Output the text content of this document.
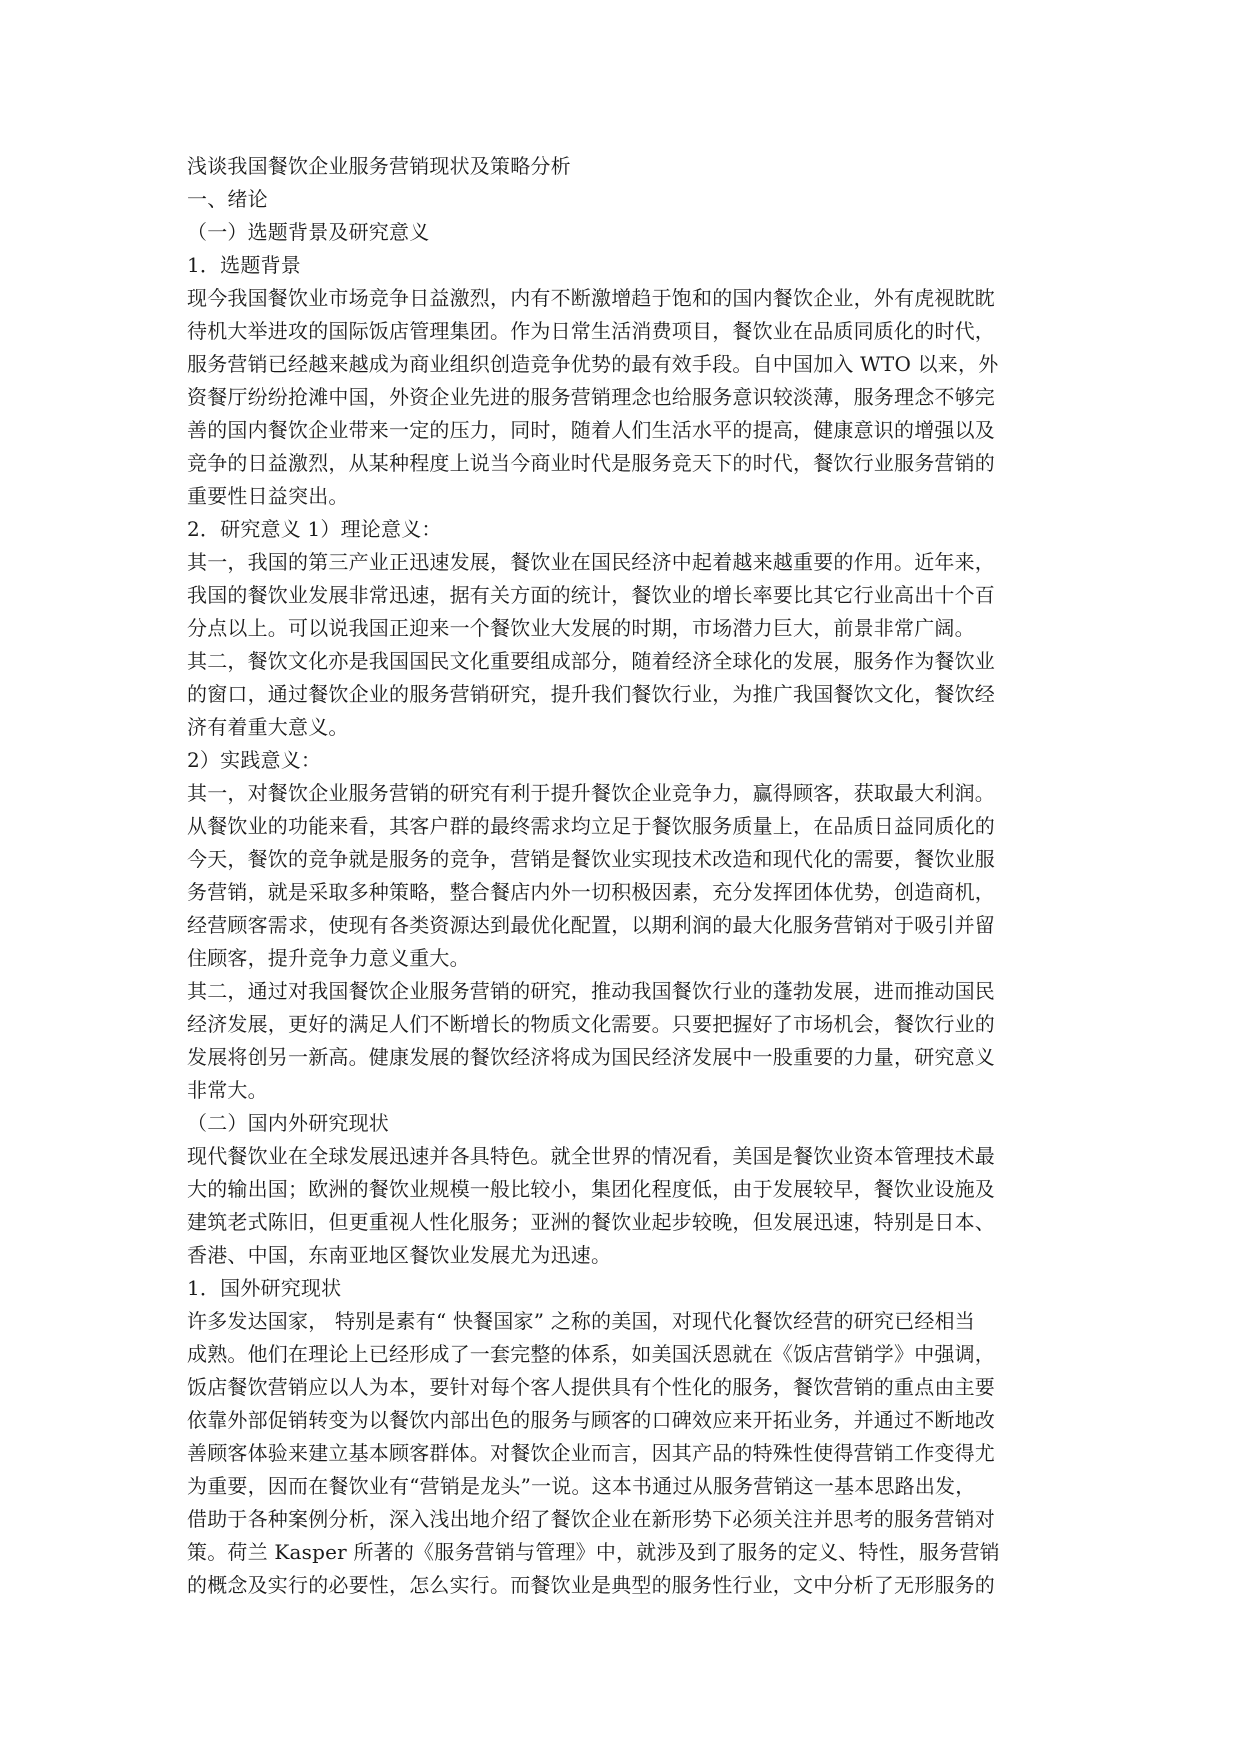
浅谈我国餐饮企业服务营销现状及策略分析
一、绪论
（一）选题背景及研究意义
1．选题背景
现今我国餐饮业市场竞争日益激烈，内有不断激增趋于饱和的国内餐饮企业，外有虎视眈眈
待机大举进攻的国际饭店管理集团。作为日常生活消费项目，餐饮业在品质同质化的时代，
服务营销已经越来越成为商业组织创造竞争优势的最有效手段。自中国加入 WTO 以来，外
资餐厅纷纷抢滩中国，外资企业先进的服务营销理念也给服务意识较淡薄，服务理念不够完
善的国内餐饮企业带来一定的压力，同时，随着人们生活水平的提高，健康意识的增强以及
竞争的日益激烈，从某种程度上说当今商业时代是服务竞天下的时代，餐饮行业服务营销的
重要性日益突出。
2．研究意义 1）理论意义：
其一，我国的第三产业正迅速发展，餐饮业在国民经济中起着越来越重要的作用。近年来，
我国的餐饮业发展非常迅速，据有关方面的统计，餐饮业的增长率要比其它行业高出十个百
分点以上。可以说我国正迎来一个餐饮业大发展的时期，市场潜力巨大，前景非常广阔。
其二，餐饮文化亦是我国国民文化重要组成部分，随着经济全球化的发展，服务作为餐饮业
的窗口，通过餐饮企业的服务营销研究，提升我们餐饮行业，为推广我国餐饮文化，餐饮经
济有着重大意义。
2）实践意义：
其一，对餐饮企业服务营销的研究有利于提升餐饮企业竞争力，赢得顾客，获取最大利润。
从餐饮业的功能来看，其客户群的最终需求均立足于餐饮服务质量上，在品质日益同质化的
今天，餐饮的竞争就是服务的竞争，营销是餐饮业实现技术改造和现代化的需要，餐饮业服
务营销，就是采取多种策略，整合餐店内外一切积极因素，充分发挥团体优势，创造商机，
经营顾客需求，使现有各类资源达到最优化配置，以期利润的最大化服务营销对于吸引并留
住顾客，提升竞争力意义重大。
其二，通过对我国餐饮企业服务营销的研究，推动我国餐饮行业的蓬勃发展，进而推动国民
经济发展，更好的满足人们不断增长的物质文化需要。只要把握好了市场机会，餐饮行业的
发展将创另一新高。健康发展的餐饮经济将成为国民经济发展中一股重要的力量，研究意义
非常大。
（二）国内外研究现状
现代餐饮业在全球发展迅速并各具特色。就全世界的情况看，美国是餐饮业资本管理技术最
大的输出国；欧洲的餐饮业规模一般比较小，集团化程度低，由于发展较早，餐饮业设施及
建筑老式陈旧，但更重视人性化服务；亚洲的餐饮业起步较晚，但发展迅速，特别是日本、
香港、中国，东南亚地区餐饮业发展尤为迅速。
1．国外研究现状
许多发达国家， 特别是素有“ 快餐国家” 之称的美国，对现代化餐饮经营的研究已经相当
成熟。他们在理论上已经形成了一套完整的体系，如美国沃恩就在《饭店营销学》中强调，
饭店餐饮营销应以人为本，要针对每个客人提供具有个性化的服务，餐饮营销的重点由主要
依靠外部促销转变为以餐饮内部出色的服务与顾客的口碑效应来开拓业务，并通过不断地改
善顾客体验来建立基本顾客群体。对餐饮企业而言，因其产品的特殊性使得营销工作变得尤
为重要，因而在餐饮业有“营销是龙头”一说。这本书通过从服务营销这一基本思路出发，
借助于各种案例分析，深入浅出地介绍了餐饮企业在新形势下必须关注并思考的服务营销对
策。荷兰 Kasper 所著的《服务营销与管理》中，就涉及到了服务的定义、特性，服务营销
的概念及实行的必要性，怎么实行。而餐饮业是典型的服务性行业，文中分析了无形服务的
